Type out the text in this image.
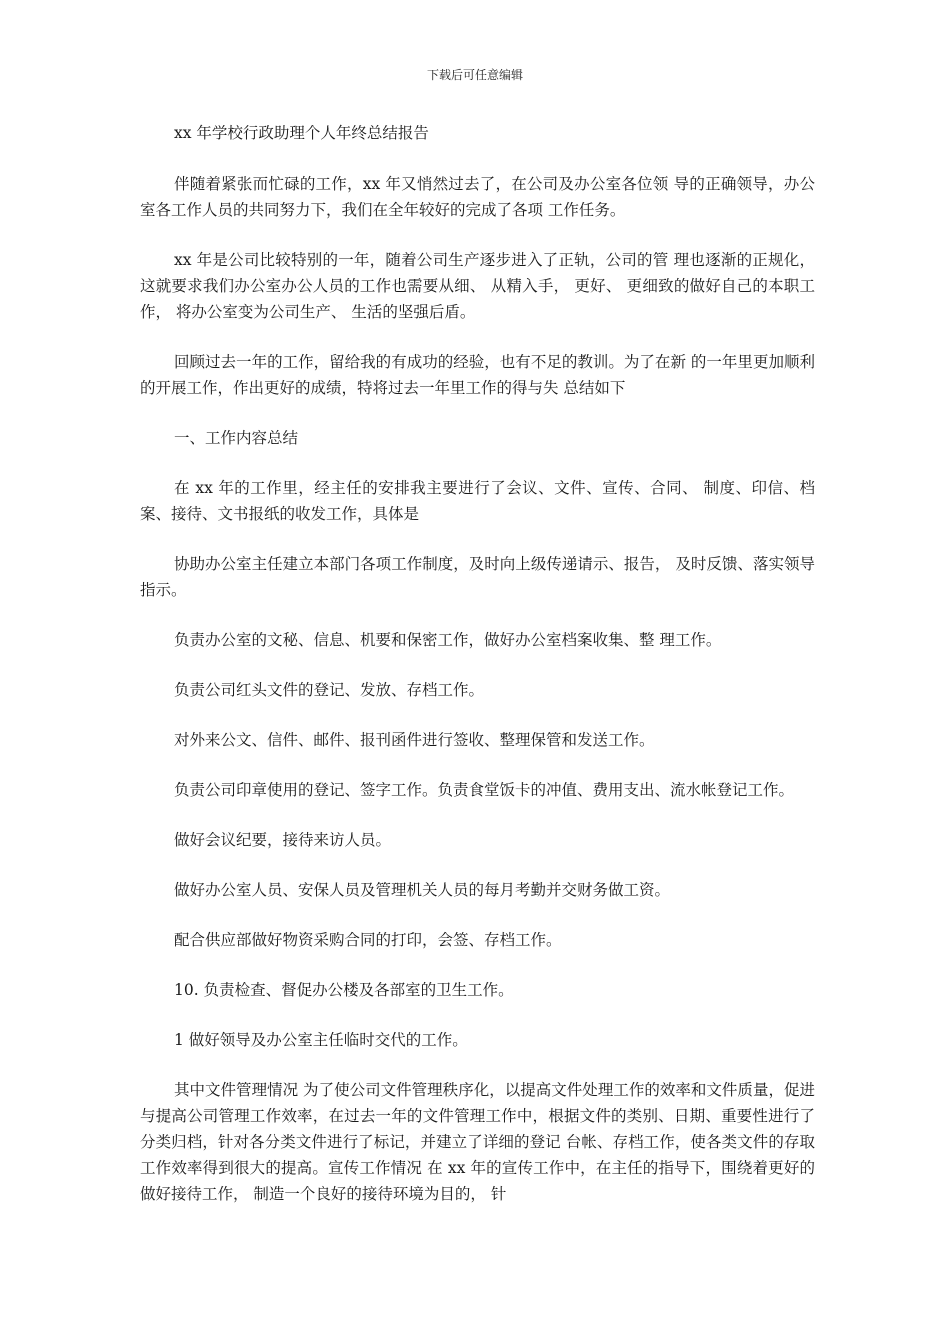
下载后可任意编辑

xx 年学校行政助理个人年终总结报告

伴随着紧张而忙碌的工作，xx 年又悄然过去了，在公司及办公室各位领 导的正确领导，办公室各工作人员的共同努力下，我们在全年较好的完成了各项 工作任务。

xx 年是公司比较特别的一年，随着公司生产逐步进入了正轨，公司的管 理也逐渐的正规化， 这就要求我们办公室办公人员的工作也需要从细、 从精入手， 更好、 更细致的做好自己的本职工作， 将办公室变为公司生产、 生活的坚强后盾。

回顾过去一年的工作，留给我的有成功的经验，也有不足的教训。为了在新 的一年里更加顺利的开展工作，作出更好的成绩，特将过去一年里工作的得与失 总结如下

一、工作内容总结

在 xx 年的工作里，经主任的安排我主要进行了会议、文件、宣传、合同、 制度、印信、档案、接待、文书报纸的收发工作，具体是

协助办公室主任建立本部门各项工作制度，及时向上级传递请示、报告， 及时反馈、落实领导指示。

负责办公室的文秘、信息、机要和保密工作，做好办公室档案收集、整 理工作。

负责公司红头文件的登记、发放、存档工作。

对外来公文、信件、邮件、报刊函件进行签收、整理保管和发送工作。

负责公司印章使用的登记、签字工作。负责食堂饭卡的冲值、费用支出、流水帐登记工作。

做好会议纪要，接待来访人员。

做好办公室人员、安保人员及管理机关人员的每月考勤并交财务做工资。

配合供应部做好物资采购合同的打印，会签、存档工作。

10. 负责检查、督促办公楼及各部室的卫生工作。

1 做好领导及办公室主任临时交代的工作。

其中文件管理情况 为了使公司文件管理秩序化，以提高文件处理工作的效率和文件质量，促进 与提高公司管理工作效率，在过去一年的文件管理工作中，根据文件的类别、日期、重要性进行了分类归档，针对各分类文件进行了标记，并建立了详细的登记 台帐、存档工作，使各类文件的存取工作效率得到很大的提高。宣传工作情况 在 xx 年的宣传工作中，在主任的指导下，围绕着更好的做好接待工作， 制造一个良好的接待环境为目的， 针
